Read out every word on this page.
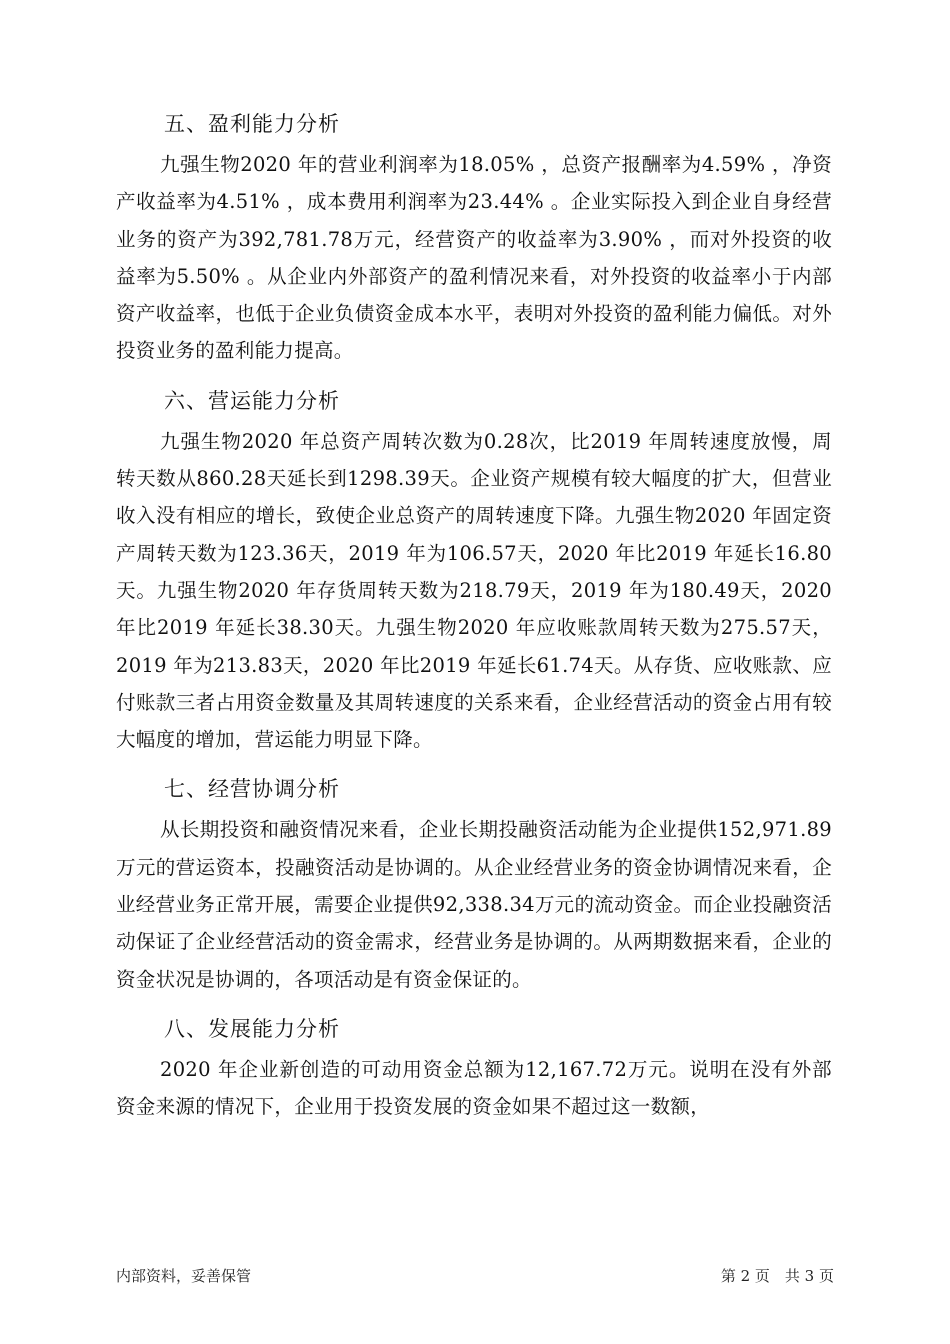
五、盈利能力分析

九强生物2020 年的营业利润率为18.05% ，总资产报酬率为4.59% ，净资产收益率为4.51% ，成本费用利润率为23.44% 。企业实际投入到企业自身经营业务的资产为392,781.78万元，经营资产的收益率为3.90% ，而对外投资的收益率为5.50% 。从企业内外部资产的盈利情况来看，对外投资的收益率小于内部资产收益率，也低于企业负债资金成本水平，表明对外投资的盈利能力偏低。对外投资业务的盈利能力提高。

六、营运能力分析

九强生物2020 年总资产周转次数为0.28次，比2019 年周转速度放慢，周转天数从860.28天延长到1298.39天。企业资产规模有较大幅度的扩大，但营业收入没有相应的增长，致使企业总资产的周转速度下降。九强生物2020 年固定资产周转天数为123.36天，2019 年为106.57天，2020 年比2019 年延长16.80天。九强生物2020 年存货周转天数为218.79天，2019 年为180.49天，2020 年比2019 年延长38.30天。九强生物2020 年应收账款周转天数为275.57天，2019 年为213.83天，2020 年比2019 年延长61.74天。从存货、应收账款、应付账款三者占用资金数量及其周转速度的关系来看，企业经营活动的资金占用有较大幅度的增加，营运能力明显下降。

七、经营协调分析

从长期投资和融资情况来看，企业长期投融资活动能为企业提供152,971.89万元的营运资本，投融资活动是协调的。从企业经营业务的资金协调情况来看，企业经营业务正常开展，需要企业提供92,338.34万元的流动资金。而企业投融资活动保证了企业经营活动的资金需求，经营业务是协调的。从两期数据来看，企业的资金状况是协调的，各项活动是有资金保证的。

八、发展能力分析

2020 年企业新创造的可动用资金总额为12,167.72万元。说明在没有外部资金来源的情况下，企业用于投资发展的资金如果不超过这一数额，

内部资料，妥善保管	第 2 页　共 3 页
